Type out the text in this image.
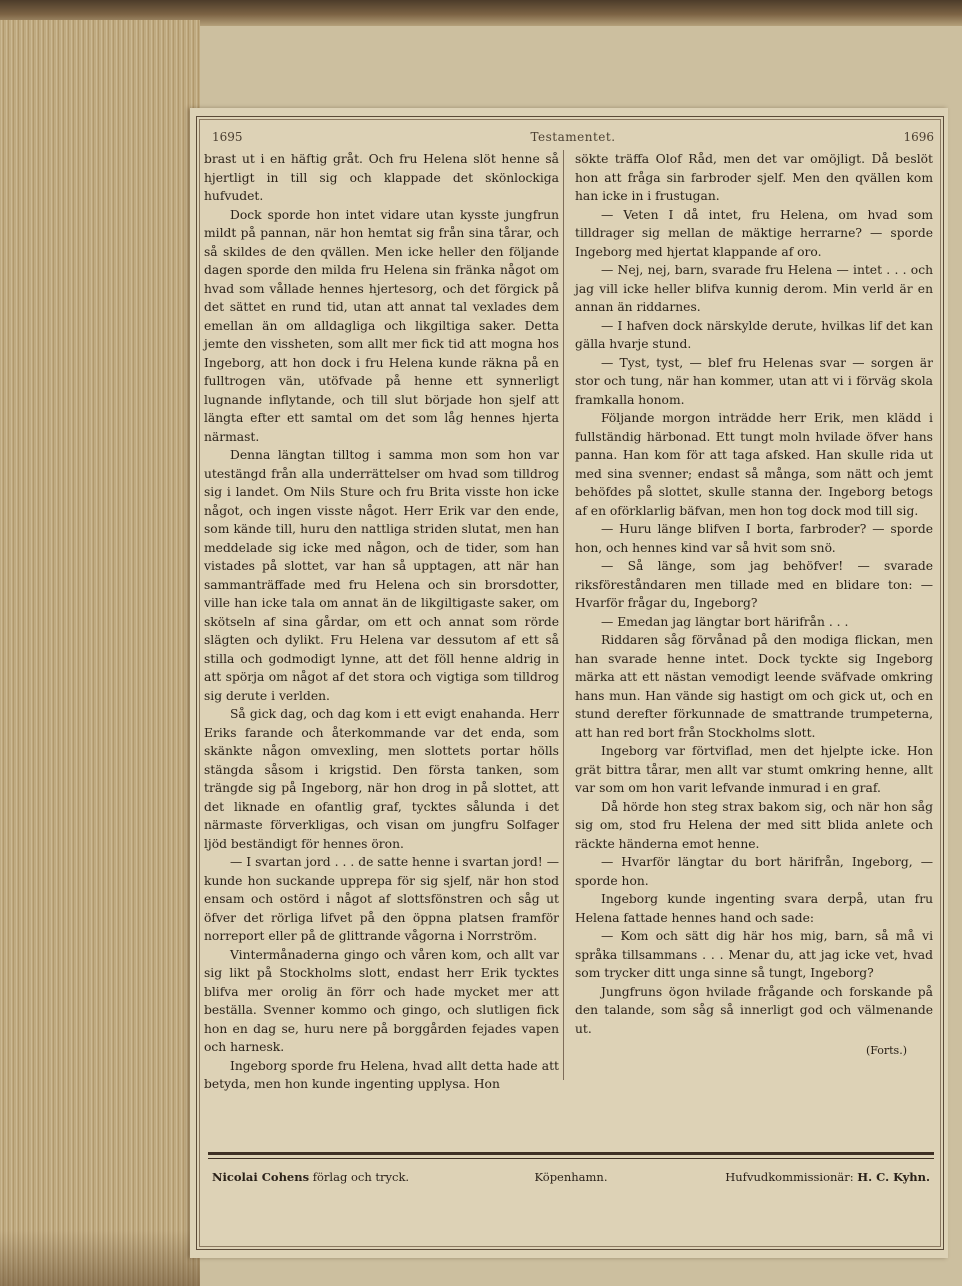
1695	Testamentet.	1696

brast ut i en häftig gråt. Och fru Helena slöt henne så hjertligt in till sig och klappade det skönlockiga hufvudet.

Dock sporde hon intet vidare utan kysste jungfrun mildt på pannan, när hon hemtat sig från sina tårar, och så skildes de den qvällen. Men icke heller den följande dagen sporde den milda fru Helena sin fränka något om hvad som vållade hennes hjertesorg, och det förgick på det sättet en rund tid, utan att annat tal vexlades dem emellan än om alldagliga och likgiltiga saker. Detta jemte den vissheten, som allt mer fick tid att mogna hos Ingeborg, att hon dock i fru Helena kunde räkna på en fulltrogen vän, utöfvade på henne ett synnerligt lugnande inflytande, och till slut började hon sjelf att längta efter ett samtal om det som låg hennes hjerta närmast.

Denna längtan tilltog i samma mon som hon var utestängd från alla underrättelser om hvad som tilldrog sig i landet. Om Nils Sture och fru Brita visste hon icke något, och ingen visste något. Herr Erik var den ende, som kände till, huru den nattliga striden slutat, men han meddelade sig icke med någon, och de tider, som han vistades på slottet, var han så upptagen, att när han sammanträffade med fru Helena och sin brorsdotter, ville han icke tala om annat än de likgiltigaste saker, om skötseln af sina gårdar, om ett och annat som rörde slägten och dylikt. Fru Helena var dessutom af ett så stilla och godmodigt lynne, att det föll henne aldrig in att spörja om något af det stora och vigtiga som tilldrog sig derute i verlden.

Så gick dag, och dag kom i ett evigt enahanda. Herr Eriks farande och återkommande var det enda, som skänkte någon omvexling, men slottets portar hölls stängda såsom i krigstid. Den första tanken, som trängde sig på Ingeborg, när hon drog in på slottet, att det liknade en ofantlig graf, tycktes sålunda i det närmaste förverkligas, och visan om jungfru Solfager ljöd beständigt för hennes öron.

— I svartan jord . . . de satte henne i svartan jord! — kunde hon suckande upprepa för sig sjelf, när hon stod ensam och ostörd i något af slottsfönstren och såg ut öfver det rörliga lifvet på den öppna platsen framför norreport eller på de glittrande vågorna i Norrström.

Vintermånaderna gingo och våren kom, och allt var sig likt på Stockholms slott, endast herr Erik tycktes blifva mer orolig än förr och hade mycket mer att beställa. Svenner kommo och gingo, och slutligen fick hon en dag se, huru nere på borggården fejades vapen och harnesk.

Ingeborg sporde fru Helena, hvad allt detta hade att betyda, men hon kunde ingenting upplysa. Hon

sökte träffa Olof Råd, men det var omöjligt. Då beslöt hon att fråga sin farbroder sjelf. Men den qvällen kom han icke in i frustugan.

— Veten I då intet, fru Helena, om hvad som tilldrager sig mellan de mäktige herrarne? — sporde Ingeborg med hjertat klappande af oro.

— Nej, nej, barn, svarade fru Helena — intet . . . och jag vill icke heller blifva kunnig derom. Min verld är en annan än riddarnes.

— I hafven dock närskylde derute, hvilkas lif det kan gälla hvarje stund.

— Tyst, tyst, — blef fru Helenas svar — sorgen är stor och tung, när han kommer, utan att vi i förväg skola framkalla honom.

Följande morgon inträdde herr Erik, men klädd i fullständig härbonad. Ett tungt moln hvilade öfver hans panna. Han kom för att taga afsked. Han skulle rida ut med sina svenner; endast så många, som nätt och jemt behöfdes på slottet, skulle stanna der. Ingeborg betogs af en oförklarlig bäfvan, men hon tog dock mod till sig.

— Huru länge blifven I borta, farbroder? — sporde hon, och hennes kind var så hvit som snö.

— Så länge, som jag behöfver! — svarade riksföreståndaren men tillade med en blidare ton: — Hvarför frågar du, Ingeborg?

— Emedan jag längtar bort härifrån . . .

Riddaren såg förvånad på den modiga flickan, men han svarade henne intet. Dock tyckte sig Ingeborg märka att ett nästan vemodigt leende sväfvade omkring hans mun. Han vände sig hastigt om och gick ut, och en stund derefter förkunnade de smattrande trumpeterna, att han red bort från Stockholms slott.

Ingeborg var förtviflad, men det hjelpte icke. Hon grät bittra tårar, men allt var stumt omkring henne, allt var som om hon varit lefvande inmurad i en graf.

Då hörde hon steg strax bakom sig, och när hon såg sig om, stod fru Helena der med sitt blida anlete och räckte händerna emot henne.

— Hvarför längtar du bort härifrån, Ingeborg, — sporde hon.

Ingeborg kunde ingenting svara derpå, utan fru Helena fattade hennes hand och sade:

— Kom och sätt dig här hos mig, barn, så må vi språka tillsammans . . . Menar du, att jag icke vet, hvad som trycker ditt unga sinne så tungt, Ingeborg?

Jungfruns ögon hvilade frågande och forskande på den talande, som såg så innerligt god och välmenande ut.

(Forts.)
Nicolai Cohens förlag och tryck.	Köpenhamn.	Hufvudkommissionär: H. C. Kyhn.
